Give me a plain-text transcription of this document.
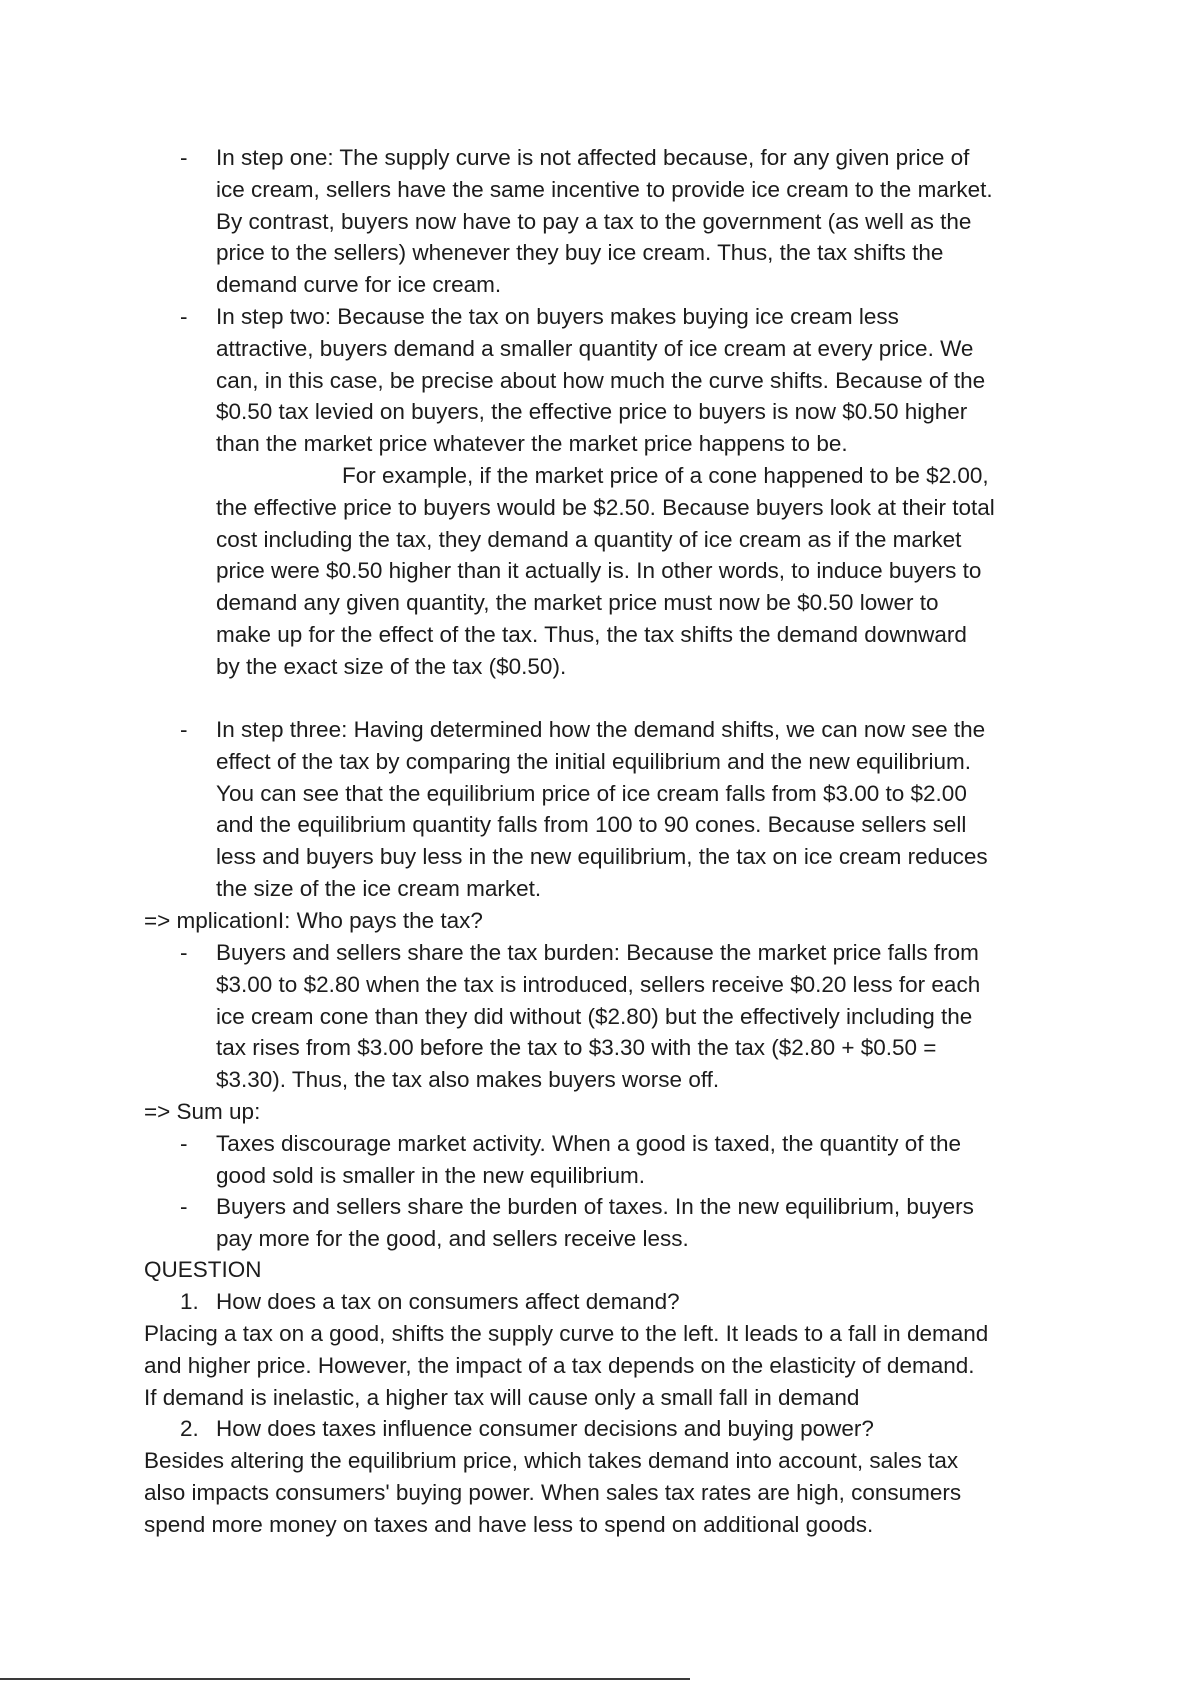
- In step one: The supply curve is not affected because, for any given price of
ice cream, sellers have the same incentive to provide ice cream to the market.
By contrast, buyers now have to pay a tax to the government (as well as the
price to the sellers) whenever they buy ice cream. Thus, the tax shifts the
demand curve for ice cream.
- In step two: Because the tax on buyers makes buying ice cream less
attractive, buyers demand a smaller quantity of ice cream at every price. We
can, in this case, be precise about how much the curve shifts. Because of the
$0.50 tax levied on buyers, the effective price to buyers is now $0.50 higher
than the market price whatever the market price happens to be.
For example, if the market price of a cone happened to be $2.00,
the effective price to buyers would be $2.50. Because buyers look at their total
cost including the tax, they demand a quantity of ice cream as if the market
price were $0.50 higher than it actually is. In other words, to induce buyers to
demand any given quantity, the market price must now be $0.50 lower to
make up for the effect of the tax. Thus, the tax shifts the demand downward
by the exact size of the tax ($0.50).
- In step three: Having determined how the demand shifts, we can now see the
effect of the tax by comparing the initial equilibrium and the new equilibrium.
You can see that the equilibrium price of ice cream falls from $3.00 to $2.00
and the equilibrium quantity falls from 100 to 90 cones. Because sellers sell
less and buyers buy less in the new equilibrium, the tax on ice cream reduces
the size of the ice cream market.
=> mplicationI: Who pays the tax?
- Buyers and sellers share the tax burden: Because the market price falls from
$3.00 to $2.80 when the tax is introduced, sellers receive $0.20 less for each
ice cream cone than they did without ($2.80) but the effectively including the
tax rises from $3.00 before the tax to $3.30 with the tax ($2.80 + $0.50 =
$3.30). Thus, the tax also makes buyers worse off.
=> Sum up:
- Taxes discourage market activity. When a good is taxed, the quantity of the
good sold is smaller in the new equilibrium.
- Buyers and sellers share the burden of taxes. In the new equilibrium, buyers
pay more for the good, and sellers receive less.
QUESTION
1. How does a tax on consumers affect demand?
Placing a tax on a good, shifts the supply curve to the left. It leads to a fall in demand
and higher price. However, the impact of a tax depends on the elasticity of demand.
If demand is inelastic, a higher tax will cause only a small fall in demand
2. How does taxes influence consumer decisions and buying power?
Besides altering the equilibrium price, which takes demand into account, sales tax
also impacts consumers' buying power. When sales tax rates are high, consumers
spend more money on taxes and have less to spend on additional goods.
